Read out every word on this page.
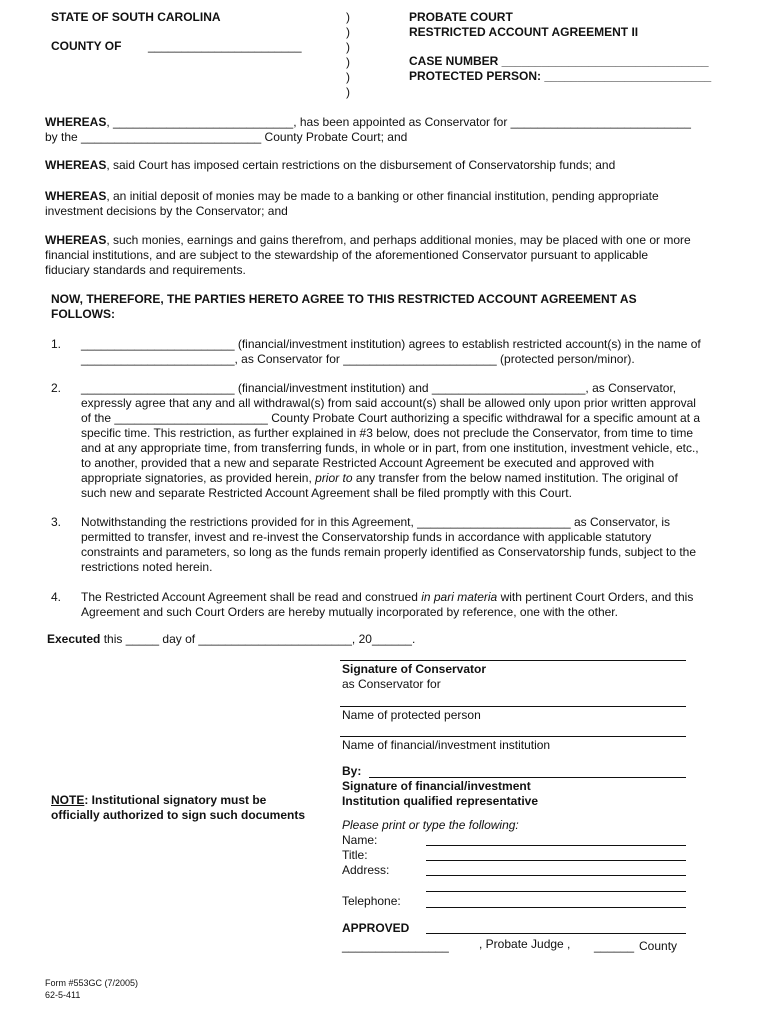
STATE OF SOUTH CAROLINA
COUNTY OF _______________________
)
)
)
)
)
)
PROBATE COURT
RESTRICTED ACCOUNT AGREEMENT II
CASE NUMBER _______________________________
PROTECTED PERSON: _________________________
WHEREAS, ___________________________, has been appointed as Conservator for ___________________________
by the ___________________________ County Probate Court; and
WHEREAS, said Court has imposed certain restrictions on the disbursement of Conservatorship funds; and
WHEREAS, an initial deposit of monies may be made to a banking or other financial institution, pending appropriate
investment decisions by the Conservator; and
WHEREAS, such monies, earnings and gains therefrom, and perhaps additional monies, may be placed with one or more
financial institutions, and are subject to the stewardship of the aforementioned Conservator pursuant to applicable
fiduciary standards and requirements.
NOW, THEREFORE, THE PARTIES HERETO AGREE TO THIS RESTRICTED ACCOUNT AGREEMENT AS
FOLLOWS:
1. _______________________ (financial/investment institution) agrees to establish restricted account(s) in the name of
_______________________, as Conservator for _______________________ (protected person/minor).
2. _______________________ (financial/investment institution) and _______________________, as Conservator,
expressly agree that any and all withdrawal(s) from said account(s) shall be allowed only upon prior written approval
of the _______________________ County Probate Court authorizing a specific withdrawal for a specific amount at a
specific time. This restriction, as further explained in #3 below, does not preclude the Conservator, from time to time
and at any appropriate time, from transferring funds, in whole or in part, from one institution, investment vehicle, etc.,
to another, provided that a new and separate Restricted Account Agreement be executed and approved with
appropriate signatories, as provided herein, prior to any transfer from the below named institution. The original of
such new and separate Restricted Account Agreement shall be filed promptly with this Court.
3. Notwithstanding the restrictions provided for in this Agreement, _______________________ as Conservator, is
permitted to transfer, invest and re-invest the Conservatorship funds in accordance with applicable statutory
constraints and parameters, so long as the funds remain properly identified as Conservatorship funds, subject to the
restrictions noted herein.
4. The Restricted Account Agreement shall be read and construed in pari materia with pertinent Court Orders, and this
Agreement and such Court Orders are hereby mutually incorporated by reference, one with the other.
Executed this _____ day of _______________________, 20______.
Signature of Conservator
as Conservator for
Name of protected person
Name of financial/investment institution
By:
Signature of financial/investment
Institution qualified representative
Please print or type the following:
Name:
Title:
Address:
Telephone:
APPROVED
________________	, Probate Judge , ______ County
NOTE: Institutional signatory must be
officially authorized to sign such documents
Form #553GC (7/2005)
62-5-411
